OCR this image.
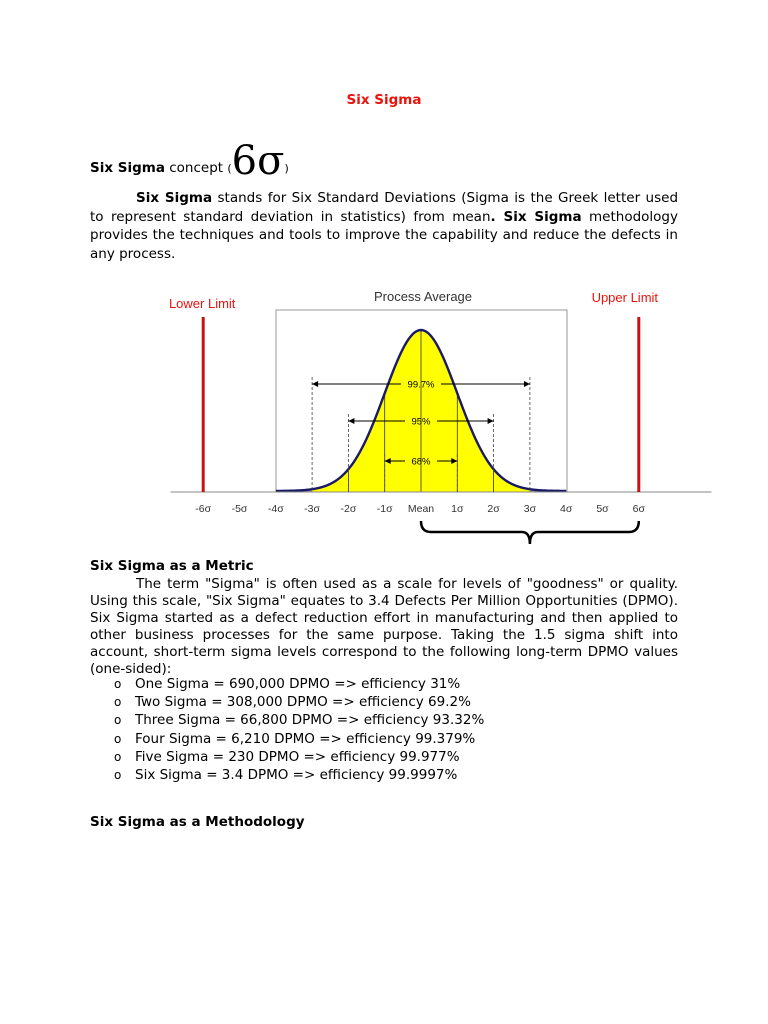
Six Sigma
Six Sigma concept (6σ)
Six Sigma stands for Six Standard Deviations (Sigma is the Greek letter used to represent standard deviation in statistics) from mean. Six Sigma methodology provides the techniques and tools to improve the capability and reduce the defects in any process.
Lower Limit	Upper Limit
Process Average
99.7%
95%
68%
-6σ -5σ -4σ -3σ -2σ -1σ Mean 1σ 2σ 3σ 4σ 5σ 6σ
Six Sigma as a Metric
The term "Sigma" is often used as a scale for levels of "goodness" or quality. Using this scale, "Six Sigma" equates to 3.4 Defects Per Million Opportunities (DPMO). Six Sigma started as a defect reduction effort in manufacturing and then applied to other business processes for the same purpose. Taking the 1.5 sigma shift into account, short-term sigma levels correspond to the following long-term DPMO values (one-sided):
o One Sigma = 690,000 DPMO => efficiency 31%
o Two Sigma = 308,000 DPMO => efficiency 69.2%
o Three Sigma = 66,800 DPMO => efficiency 93.32%
o Four Sigma = 6,210 DPMO => efficiency 99.379%
o Five Sigma = 230 DPMO => efficiency 99.977%
o Six Sigma = 3.4 DPMO => efficiency 99.9997%
Six Sigma as a Methodology
